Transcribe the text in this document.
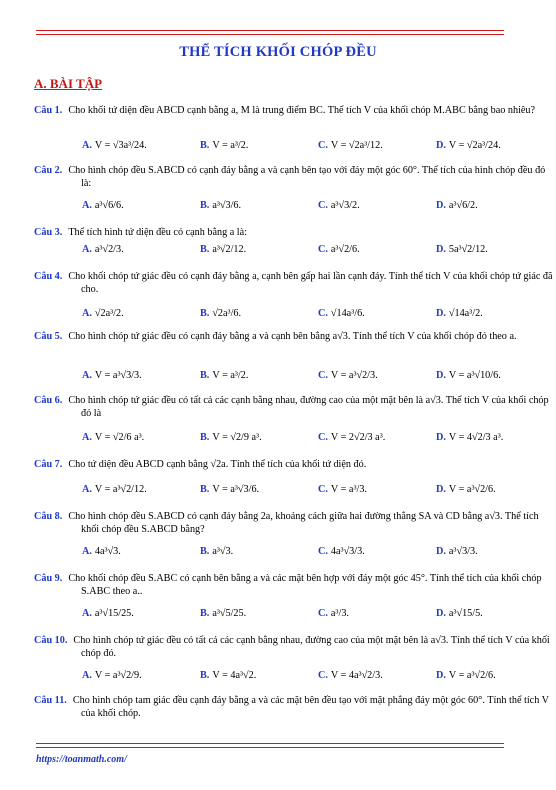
THỂ TÍCH KHỐI CHÓP ĐỀU
A. BÀI TẬP
Câu 1. Cho khối tứ diện đều ABCD cạnh bằng a, M là trung điểm BC. Thể tích V của khối chóp M.ABC bằng bao nhiêu?
A. V = √3a³/24.	B. V = a³/2.	C. V = √2a³/12.	D. V = √2a³/24.
Câu 2. Cho hình chóp đều S.ABCD có cạnh đáy bằng a và cạnh bên tạo với đáy một góc 60°. Thể tích của hình chóp đều đó là:
A. a³√6/6.	B. a³√3/6.	C. a³√3/2.	D. a³√6/2.
Câu 3. Thể tích hình tứ diện đều có cạnh bằng a là:
A. a³√2/3.	B. a³√2/12.	C. a³√2/6.	D. 5a³√2/12.
Câu 4. Cho khối chóp tứ giác đều có cạnh đáy bằng a, cạnh bên gấp hai lần cạnh đáy. Tính thể tích V của khối chóp tứ giác đã cho.
A. √2a³/2.	B. √2a³/6.	C. √14a³/6.	D. √14a³/2.
Câu 5. Cho hình chóp tứ giác đều có cạnh đáy bằng a và cạnh bên bằng a√3. Tính thể tích V của khối chóp đó theo a.
A. V = a³√3/3.	B. V = a³/2.	C. V = a³√2/3.	D. V = a³√10/6.
Câu 6. Cho hình chóp tứ giác đều có tất cả các cạnh bằng nhau, đường cao của một mặt bên là a√3. Thể tích V của khối chóp đó là
A. V = √2/6 a³.	B. V = √2/9 a³.	C. V = 2√2/3 a³.	D. V = 4√2/3 a³.
Câu 7. Cho tứ diện đều ABCD cạnh bằng √2a. Tính thể tích của khối tứ diện đó.
A. V = a³√2/12.	B. V = a³√3/6.	C. V = a³/3.	D. V = a³√2/6.
Câu 8. Cho hình chóp đều S.ABCD có cạnh đáy bằng 2a, khoảng cách giữa hai đường thẳng SA và CD bằng a√3. Thể tích khối chóp đều S.ABCD bằng?
A. 4a³√3.	B. a³√3.	C. 4a³√3/3.	D. a³√3/3.
Câu 9. Cho khối chóp đều S.ABC có cạnh bên bằng a và các mặt bên hợp với đáy một góc 45°. Tính thể tích của khối chóp S.ABC theo a..
A. a³√15/25.	B. a³√5/25.	C. a³/3.	D. a³√15/5.
Câu 10. Cho hình chóp tứ giác đều có tất cả các cạnh bằng nhau, đường cao của một mặt bên là a√3. Tính thể tích V của khối chóp đó.
A. V = a³√2/9.	B. V = 4a³√2.	C. V = 4a³√2/3.	D. V = a³√2/6.
Câu 11. Cho hình chóp tam giác đều cạnh đáy bằng a và các mặt bên đều tạo với mặt phẳng đáy một góc 60°. Tính thể tích V của khối chóp.
https://toanmath.com/
